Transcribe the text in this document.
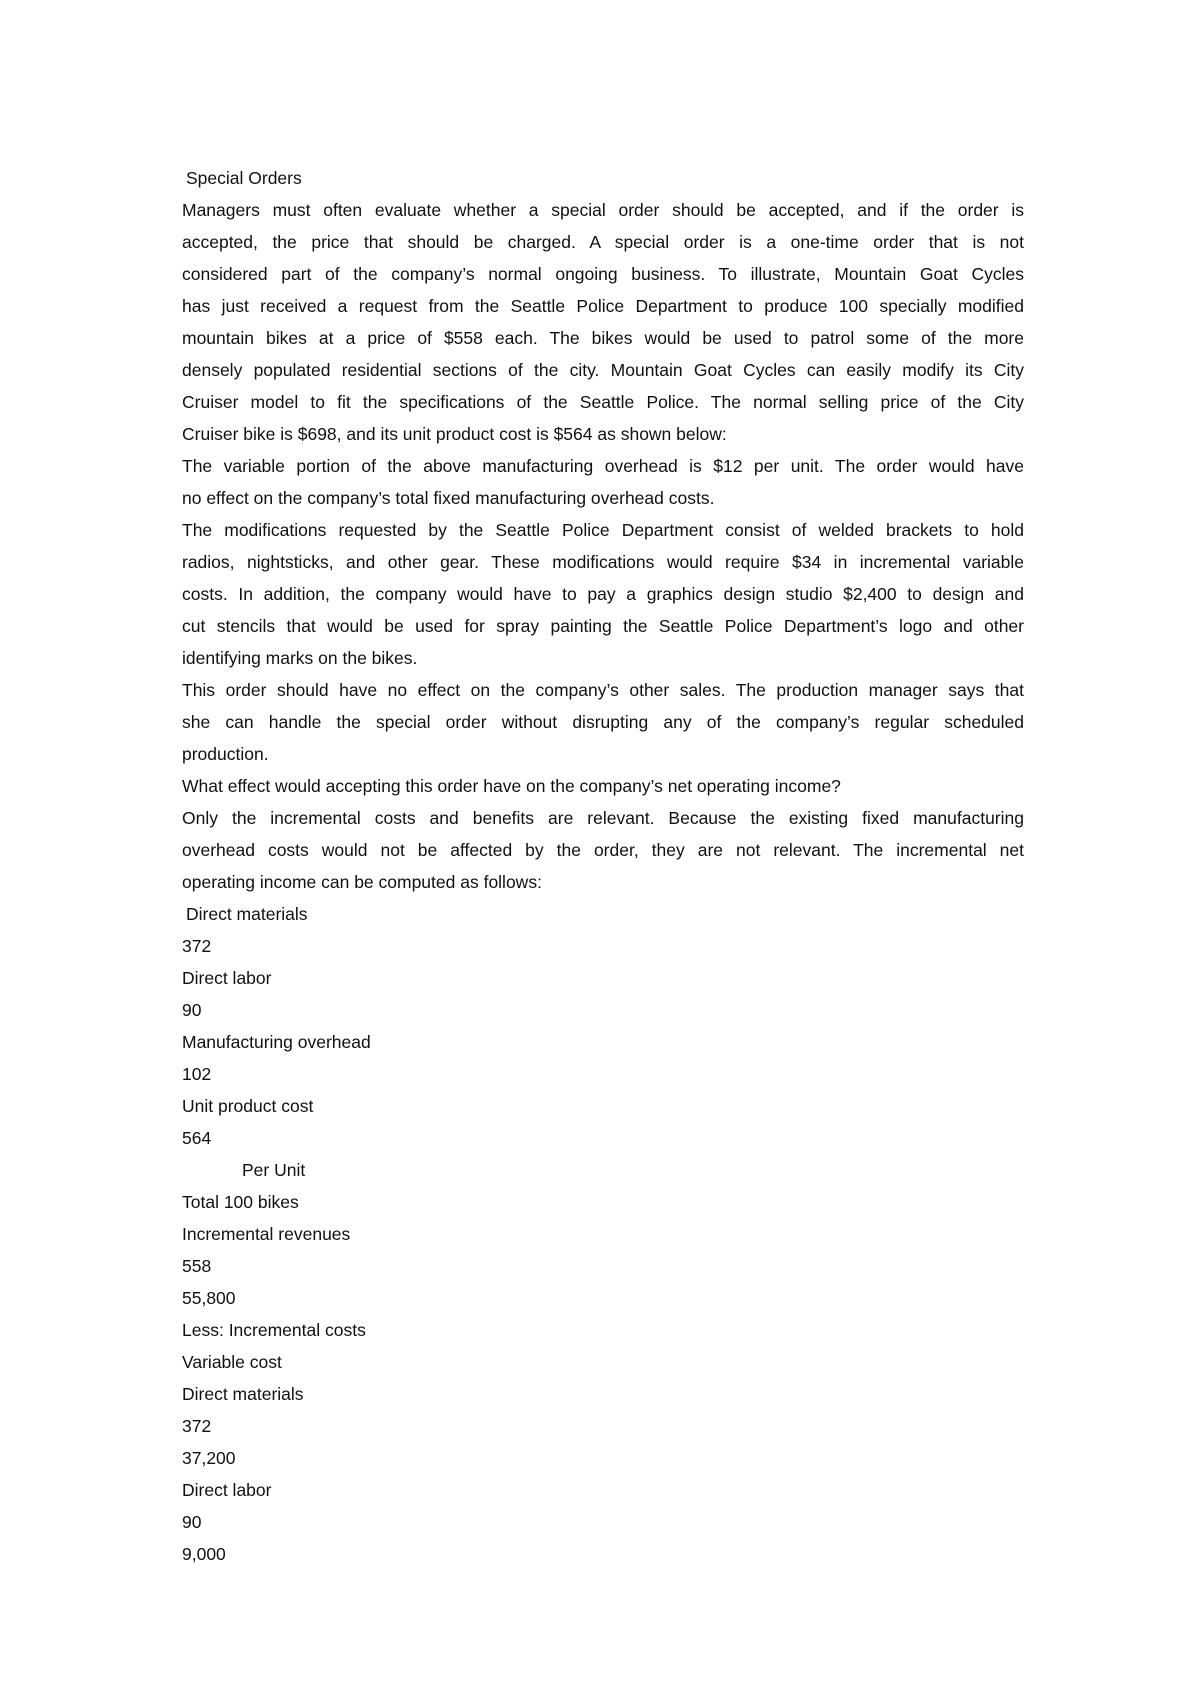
Special Orders
Managers must often evaluate whether a special order should be accepted, and if the order is
accepted, the price that should be charged. A special order is a one-time order that is not
considered part of the company’s normal ongoing business. To illustrate, Mountain Goat Cycles
has just received a request from the Seattle Police Department to produce 100 specially modified
mountain bikes at a price of $558 each. The bikes would be used to patrol some of the more
densely populated residential sections of the city. Mountain Goat Cycles can easily modify its City
Cruiser model to fit the specifications of the Seattle Police. The normal selling price of the City
Cruiser bike is $698, and its unit product cost is $564 as shown below:
The variable portion of the above manufacturing overhead is $12 per unit. The order would have
no effect on the company’s total fixed manufacturing overhead costs.
The modifications requested by the Seattle Police Department consist of welded brackets to hold
radios, nightsticks, and other gear. These modifications would require $34 in incremental variable
costs. In addition, the company would have to pay a graphics design studio $2,400 to design and
cut stencils that would be used for spray painting the Seattle Police Department’s logo and other
identifying marks on the bikes.
This order should have no effect on the company’s other sales. The production manager says that
she can handle the special order without disrupting any of the company’s regular scheduled
production.
What effect would accepting this order have on the company’s net operating income?
Only the incremental costs and benefits are relevant. Because the existing fixed manufacturing
overhead costs would not be affected by the order, they are not relevant. The incremental net
operating income can be computed as follows:
Direct materials
372
Direct labor
90
Manufacturing overhead
102
Unit product cost
564
Per Unit
Total 100 bikes
Incremental revenues
558
55,800
Less: Incremental costs
Variable cost
Direct materials
372
37,200
Direct labor
90
9,000
